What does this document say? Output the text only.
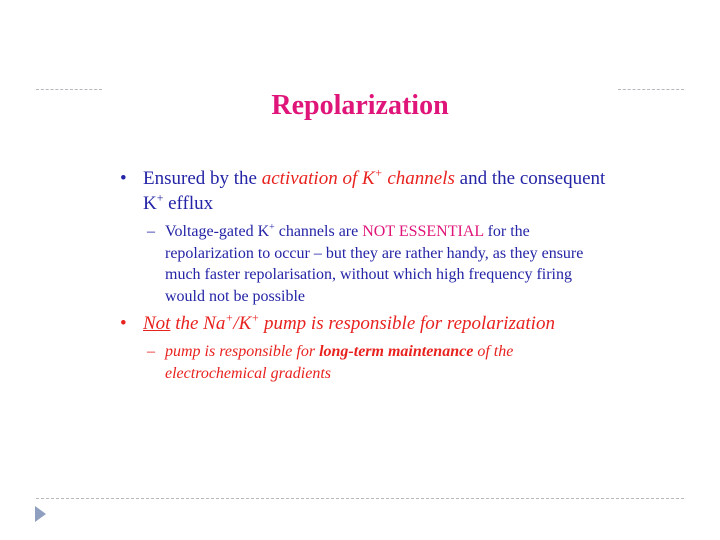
Repolarization
• Ensured by the activation of K+ channels and the consequent K+ efflux
– Voltage-gated K+ channels are NOT ESSENTIAL for the repolarization to occur – but they are rather handy, as they ensure much faster repolarisation, without which high frequency firing would not be possible
• Not the Na+/K+ pump is responsible for repolarization
– pump is responsible for long-term maintenance of the electrochemical gradients
